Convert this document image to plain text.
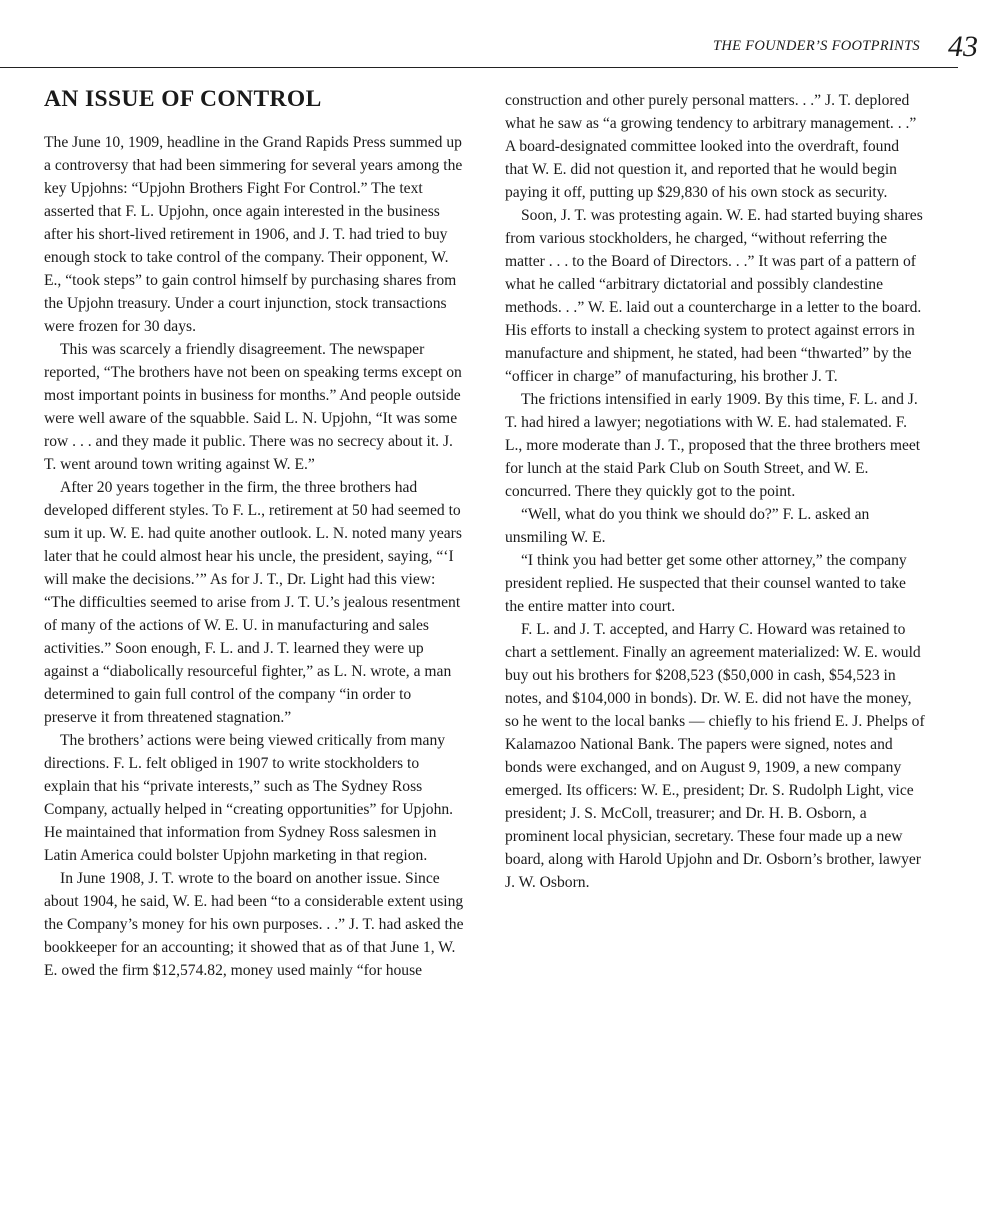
THE FOUNDER’S FOOTPRINTS 43
AN ISSUE OF CONTROL

The June 10, 1909, headline in the Grand Rapids Press summed up a controversy that had been simmering for several years among the key Upjohns: “Upjohn Brothers Fight For Control.” The text asserted that F. L. Upjohn, once again interested in the business after his short-lived retirement in 1906, and J. T. had tried to buy enough stock to take control of the company. Their opponent, W. E., “took steps” to gain control himself by purchasing shares from the Upjohn treasury. Under a court injunction, stock transactions were frozen for 30 days.

This was scarcely a friendly disagreement. The newspaper reported, “The brothers have not been on speaking terms except on most important points in business for months.” And people outside were well aware of the squabble. Said L. N. Upjohn, “It was some row . . . and they made it public. There was no secrecy about it. J. T. went around town writing against W. E.”

After 20 years together in the firm, the three brothers had developed different styles. To F. L., retirement at 50 had seemed to sum it up. W. E. had quite another outlook. L. N. noted many years later that he could almost hear his uncle, the president, saying, “‘I will make the decisions.’” As for J. T., Dr. Light had this view: “The difficulties seemed to arise from J. T. U.’s jealous resentment of many of the actions of W. E. U. in manufacturing and sales activities.” Soon enough, F. L. and J. T. learned they were up against a “diabolically resourceful fighter,” as L. N. wrote, a man determined to gain full control of the company “in order to preserve it from threatened stagnation.”

The brothers’ actions were being viewed critically from many directions. F. L. felt obliged in 1907 to write stockholders to explain that his “private interests,” such as The Sydney Ross Company, actually helped in “creating opportunities” for Upjohn. He maintained that information from Sydney Ross salesmen in Latin America could bolster Upjohn marketing in that region.

In June 1908, J. T. wrote to the board on another issue. Since about 1904, he said, W. E. had been “to a considerable extent using the Company’s money for his own purposes. . .” J. T. had asked the bookkeeper for an accounting; it showed that as of that June 1, W. E. owed the firm $12,574.82, money used mainly “for house

construction and other purely personal matters. . .” J. T. deplored what he saw as “a growing tendency to arbitrary management. . .” A board-designated committee looked into the overdraft, found that W. E. did not question it, and reported that he would begin paying it off, putting up $29,830 of his own stock as security.

Soon, J. T. was protesting again. W. E. had started buying shares from various stockholders, he charged, “without referring the matter . . . to the Board of Directors. . .” It was part of a pattern of what he called “arbitrary dictatorial and possibly clandestine methods. . .” W. E. laid out a countercharge in a letter to the board. His efforts to install a checking system to protect against errors in manufacture and shipment, he stated, had been “thwarted” by the “officer in charge” of manufacturing, his brother J. T.

The frictions intensified in early 1909. By this time, F. L. and J. T. had hired a lawyer; negotiations with W. E. had stalemated. F. L., more moderate than J. T., proposed that the three brothers meet for lunch at the staid Park Club on South Street, and W. E. concurred. There they quickly got to the point.

“Well, what do you think we should do?” F. L. asked an unsmiling W. E.

“I think you had better get some other attorney,” the company president replied. He suspected that their counsel wanted to take the entire matter into court.

F. L. and J. T. accepted, and Harry C. Howard was retained to chart a settlement. Finally an agreement materialized: W. E. would buy out his brothers for $208,523 ($50,000 in cash, $54,523 in notes, and $104,000 in bonds). Dr. W. E. did not have the money, so he went to the local banks — chiefly to his friend E. J. Phelps of Kalamazoo National Bank. The papers were signed, notes and bonds were exchanged, and on August 9, 1909, a new company emerged. Its officers: W. E., president; Dr. S. Rudolph Light, vice president; J. S. McColl, treasurer; and Dr. H. B. Osborn, a prominent local physician, secretary. These four made up a new board, along with Harold Upjohn and Dr. Osborn’s brother, lawyer J. W. Osborn.
